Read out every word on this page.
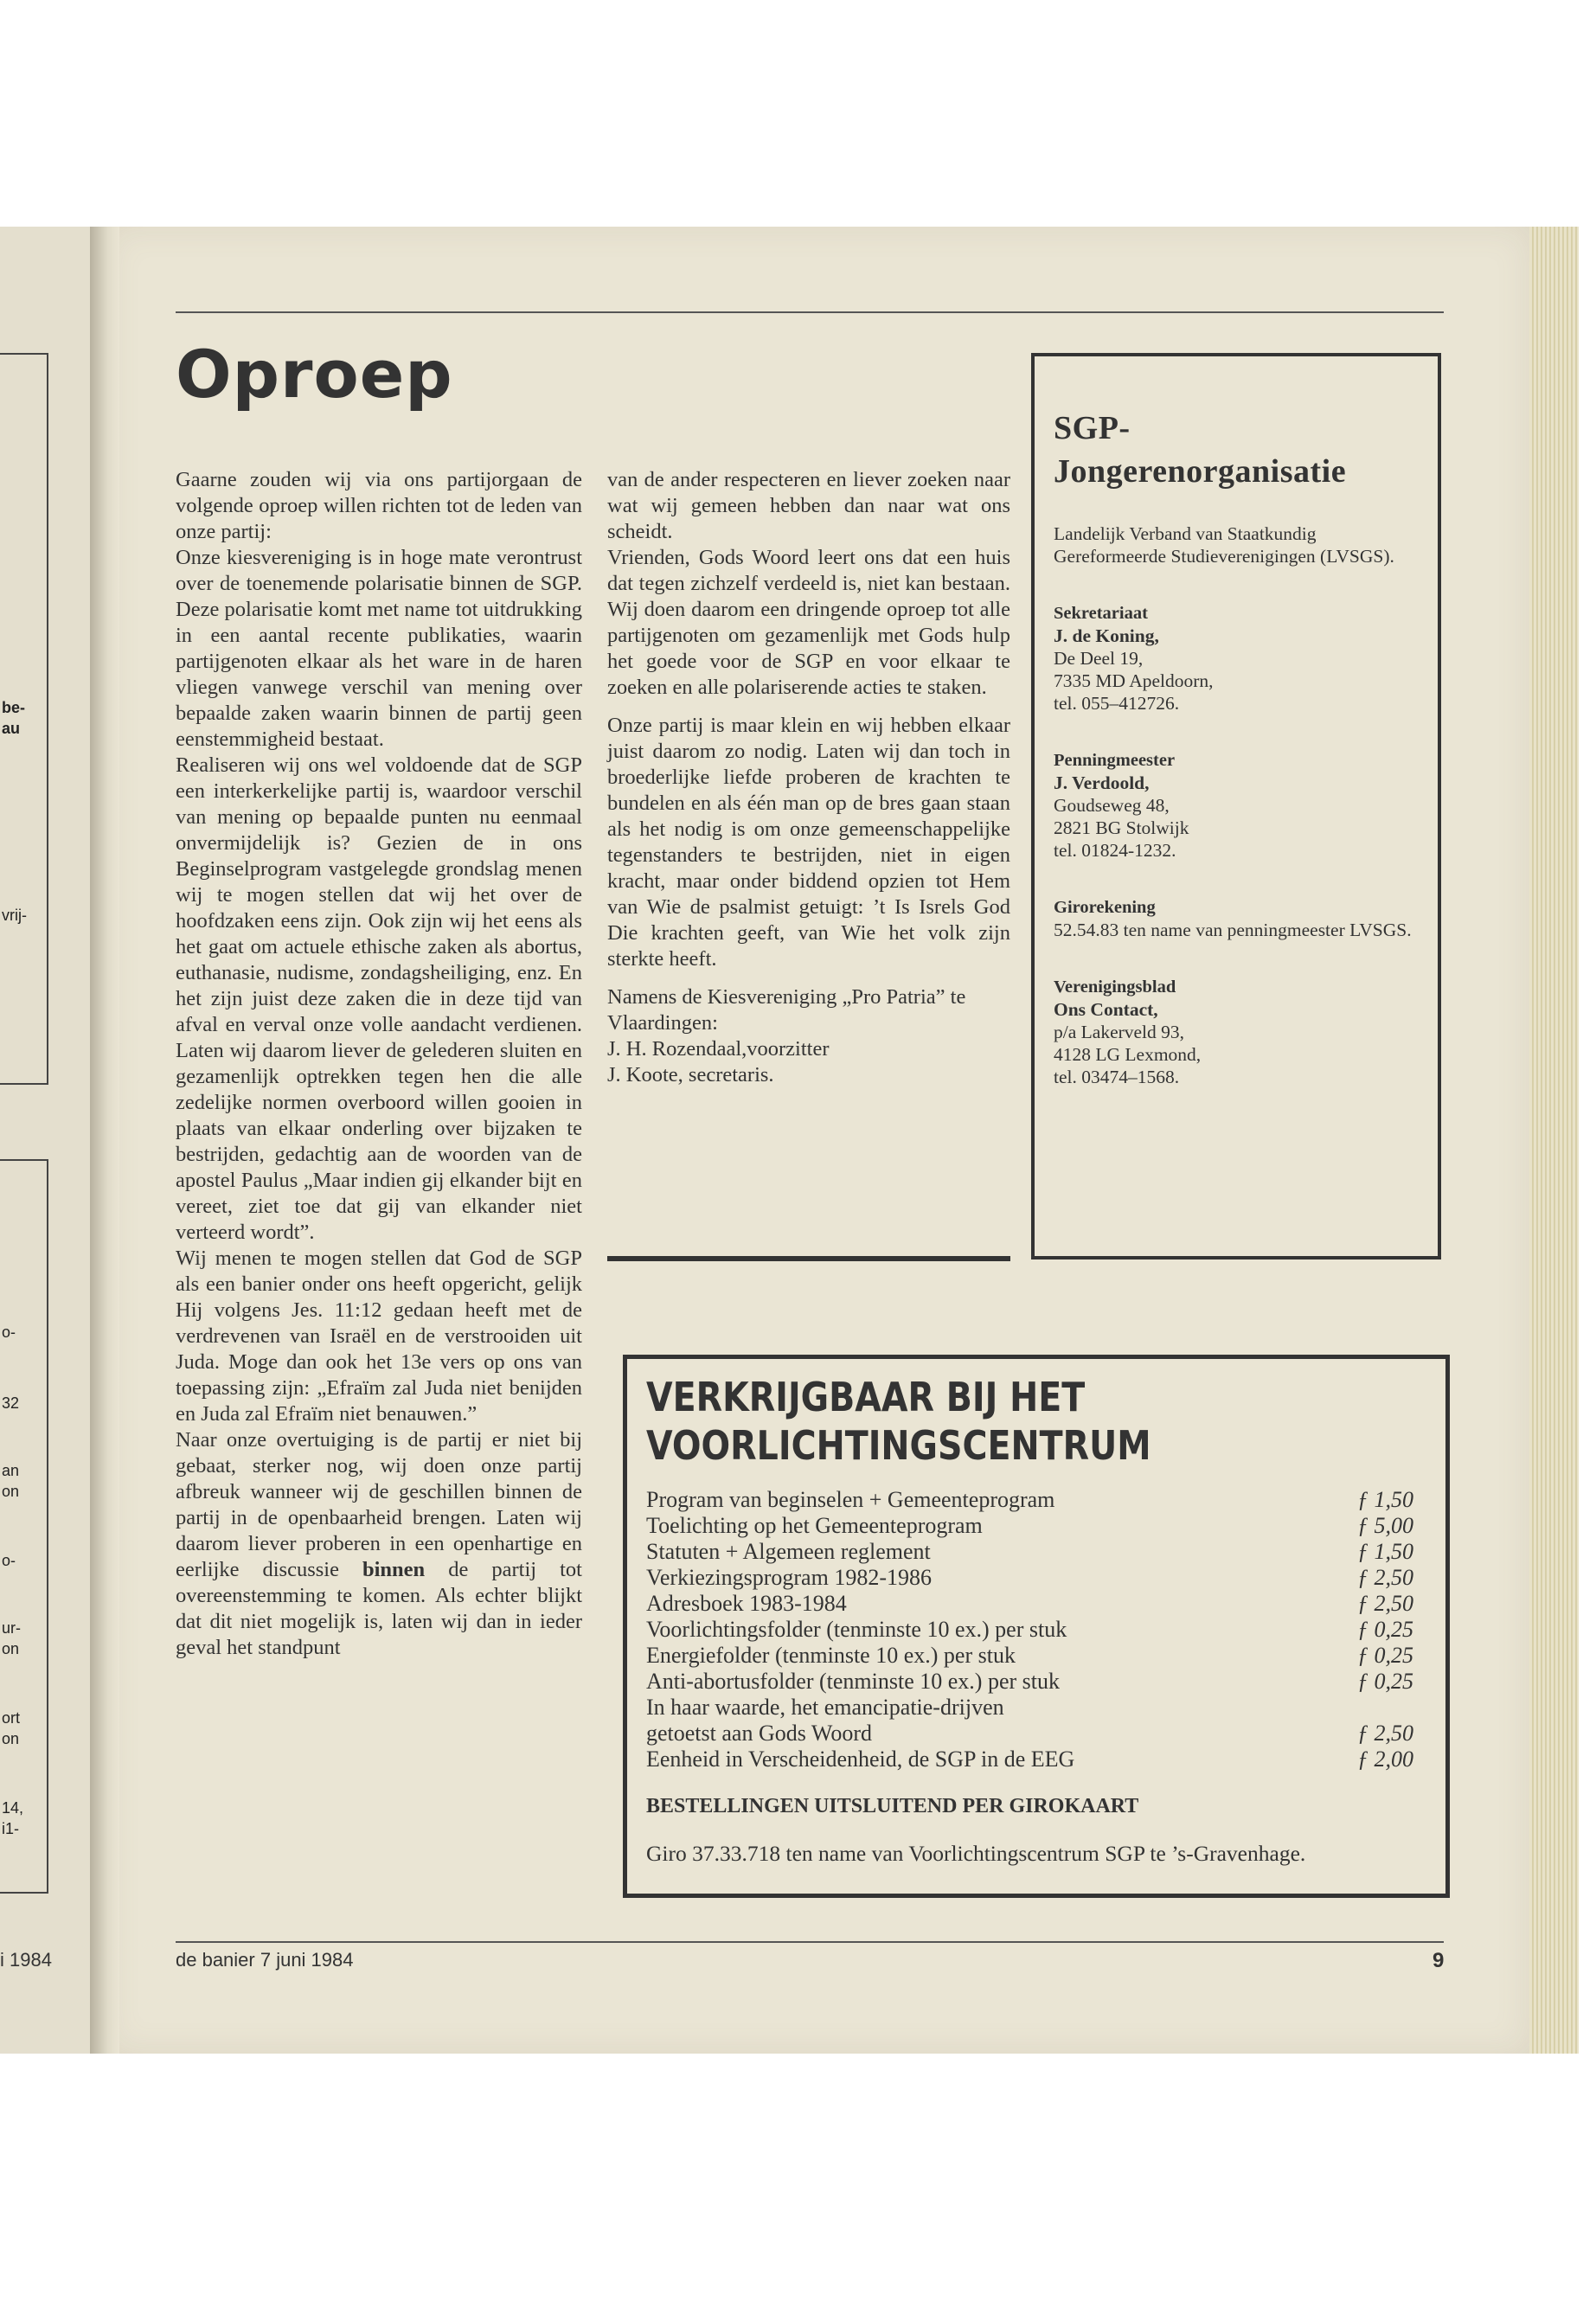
be-
au
vrij-
o-
32
an
on
o-
ur-
on
ort
on
14,
i1-
i 1984
Oproep

Gaarne zouden wij via ons partijorgaan de volgende oproep willen richten tot de leden van onze partij:

Onze kiesvereniging is in hoge mate verontrust over de toenemende polarisatie binnen de SGP. Deze polarisatie komt met name tot uitdrukking in een aantal recente publikaties, waarin partijgenoten elkaar als het ware in de haren vliegen vanwege verschil van mening over bepaalde zaken waarin binnen de partij geen eenstemmigheid bestaat.

Realiseren wij ons wel voldoende dat de SGP een interkerkelijke partij is, waardoor verschil van mening op bepaalde punten nu eenmaal onvermijdelijk is? Gezien de in ons Beginselprogram vastgelegde grondslag menen wij te mogen stellen dat wij het over de hoofdzaken eens zijn. Ook zijn wij het eens als het gaat om actuele ethische zaken als abortus, euthanasie, nudisme, zondagsheiliging, enz. En het zijn juist deze zaken die in deze tijd van afval en verval onze volle aandacht verdienen. Laten wij daarom liever de gelederen sluiten en gezamenlijk optrekken tegen hen die alle zedelijke normen overboord willen gooien in plaats van elkaar onderling over bijzaken te bestrijden, gedachtig aan de woorden van de apostel Paulus „Maar indien gij elkander bijt en vereet, ziet toe dat gij van elkander niet verteerd wordt”.

Wij menen te mogen stellen dat God de SGP als een banier onder ons heeft opgericht, gelijk Hij volgens Jes. 11:12 gedaan heeft met de verdrevenen van Israël en de verstrooiden uit Juda. Moge dan ook het 13e vers op ons van toepassing zijn: „Efraïm zal Juda niet benijden en Juda zal Efraïm niet benauwen.”

Naar onze overtuiging is de partij er niet bij gebaat, sterker nog, wij doen onze partij afbreuk wanneer wij de geschillen binnen de partij in de openbaarheid brengen. Laten wij daarom liever proberen in een openhartige en eerlijke discussie binnen de partij tot overeenstemming te komen. Als echter blijkt dat dit niet mogelijk is, laten wij dan in ieder geval het standpunt

van de ander respecteren en liever zoeken naar wat wij gemeen hebben dan naar wat ons scheidt.

Vrienden, Gods Woord leert ons dat een huis dat tegen zichzelf verdeeld is, niet kan bestaan. Wij doen daarom een dringende oproep tot alle partijgenoten om gezamenlijk met Gods hulp het goede voor de SGP en voor elkaar te zoeken en alle polariserende acties te staken.

Onze partij is maar klein en wij hebben elkaar juist daarom zo nodig. Laten wij dan toch in broederlijke liefde proberen de krachten te bundelen en als één man op de bres gaan staan als het nodig is om onze gemeenschappelijke tegenstanders te bestrijden, niet in eigen kracht, maar onder biddend opzien tot Hem van Wie de psalmist getuigt: ’t Is Isrels God Die krachten geeft, van Wie het volk zijn sterkte heeft.

Namens de Kiesvereniging „Pro Patria” te Vlaardingen:

J. H. Rozendaal,voorzitter

J. Koote, secretaris.

SGP-
Jongerenorganisatie
Landelijk Verband van Staatkundig Gereformeerde Studieverenigingen (LVSGS).
Sekretariaat
J. de Koning,
De Deel 19,
7335 MD Apeldoorn,
tel. 055–412726.
Penningmeester
J. Verdoold,
Goudseweg 48,
2821 BG Stolwijk
tel. 01824-1232.
Girorekening
52.54.83 ten name van penningmeester LVSGS.
Verenigingsblad
Ons Contact,
p/a Lakerveld 93,
4128 LG Lexmond,
tel. 03474–1568.
VERKRIJGBAAR BIJ HET
VOORLICHTINGSCENTRUM
Program van beginselen + Gemeenteprogram	ƒ 1,50
Toelichting op het Gemeenteprogram	ƒ 5,00
Statuten + Algemeen reglement	ƒ 1,50
Verkiezingsprogram 1982-1986	ƒ 2,50
Adresboek 1983-1984	ƒ 2,50
Voorlichtingsfolder (tenminste 10 ex.) per stuk	ƒ 0,25
Energiefolder (tenminste 10 ex.) per stuk	ƒ 0,25
Anti-abortusfolder (tenminste 10 ex.) per stuk	ƒ 0,25
In haar waarde, het emancipatie-drijven
getoetst aan Gods Woord	ƒ 2,50
Eenheid in Verscheidenheid, de SGP in de EEG	ƒ 2,00
BESTELLINGEN UITSLUITEND PER GIROKAART
Giro 37.33.718 ten name van Voorlichtingscentrum SGP te ’s-Gravenhage.
de banier 7 juni 1984	9
